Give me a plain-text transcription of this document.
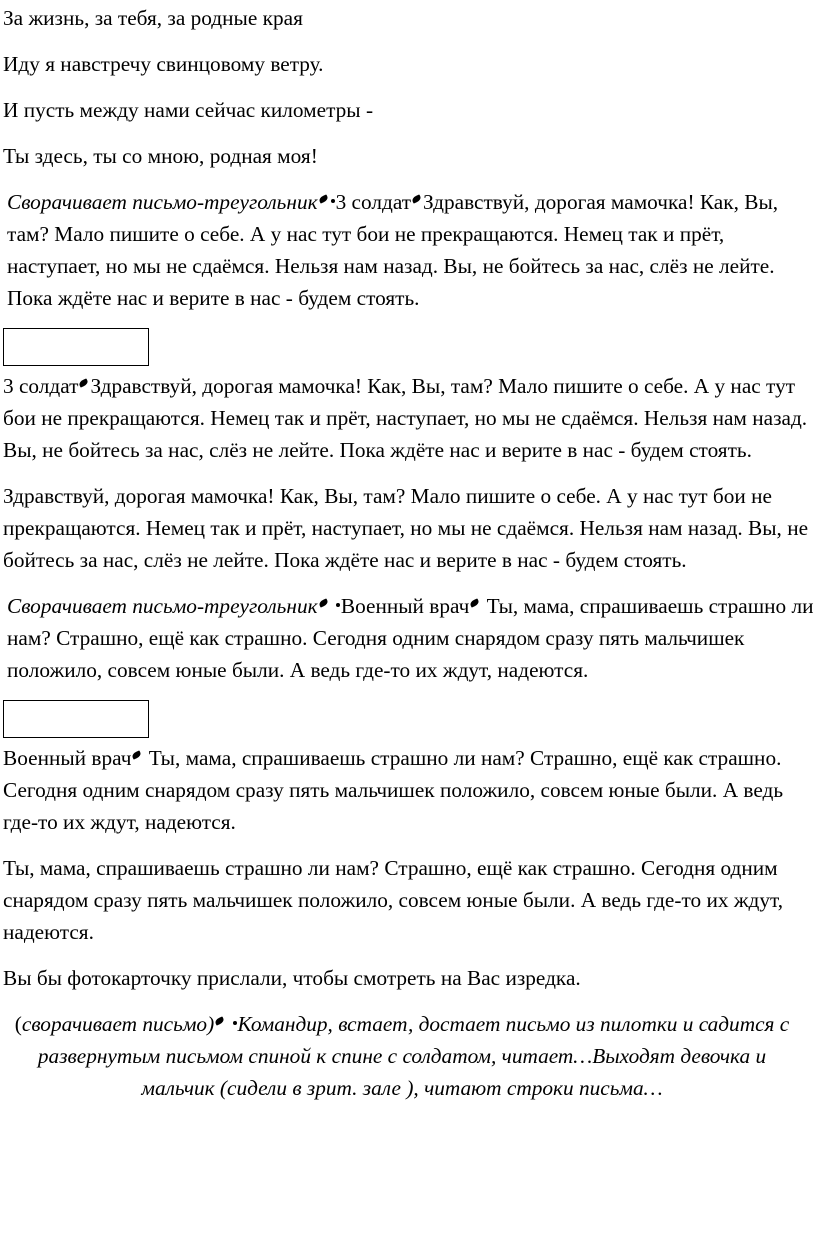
За жизнь, за тебя, за родные края

Иду я навстречу свинцовому ветру.

И пусть между нами сейчас километры -

Ты здесь, ты со мною, родная моя!

Сворачивает письмо-треугольник 3 солдат Здравствуй, дорогая мамочка! Как, Вы, там? Мало пишите о себе. А у нас тут бои не прекращаются. Немец так и прёт, наступает, но мы не сдаёмся. Нельзя нам назад. Вы, не бойтесь за нас, слёз не лейте. Пока ждёте нас и верите в нас - будем стоять.

3 солдат Здравствуй, дорогая мамочка! Как, Вы, там? Мало пишите о себе. А у нас тут бои не прекращаются. Немец так и прёт, наступает, но мы не сдаёмся. Нельзя нам назад. Вы, не бойтесь за нас, слёз не лейте. Пока ждёте нас и верите в нас - будем стоять.

Здравствуй, дорогая мамочка! Как, Вы, там? Мало пишите о себе. А у нас тут бои не прекращаются. Немец так и прёт, наступает, но мы не сдаёмся. Нельзя нам назад. Вы, не бойтесь за нас, слёз не лейте. Пока ждёте нас и верите в нас - будем стоять.

Сворачивает письмо-треугольник Военный врач Ты, мама, спрашиваешь страшно ли нам? Страшно, ещё как страшно. Сегодня одним снарядом сразу пять мальчишек положило, совсем юные были. А ведь где-то их ждут, надеются.

Военный врач Ты, мама, спрашиваешь страшно ли нам? Страшно, ещё как страшно. Сегодня одним снарядом сразу пять мальчишек положило, совсем юные были. А ведь где-то их ждут, надеются.

Ты, мама, спрашиваешь страшно ли нам? Страшно, ещё как страшно. Сегодня одним снарядом сразу пять мальчишек положило, совсем юные были. А ведь где-то их ждут, надеются.

Вы бы фотокарточку прислали, чтобы смотреть на Вас изредка.

(сворачивает письмо) Командир, встает, достает письмо из пилотки и садится с развернутым письмом спиной к спине с солдатом, читает…Выходят девочка и мальчик (сидели в зрит. зале ), читают строки письма…
